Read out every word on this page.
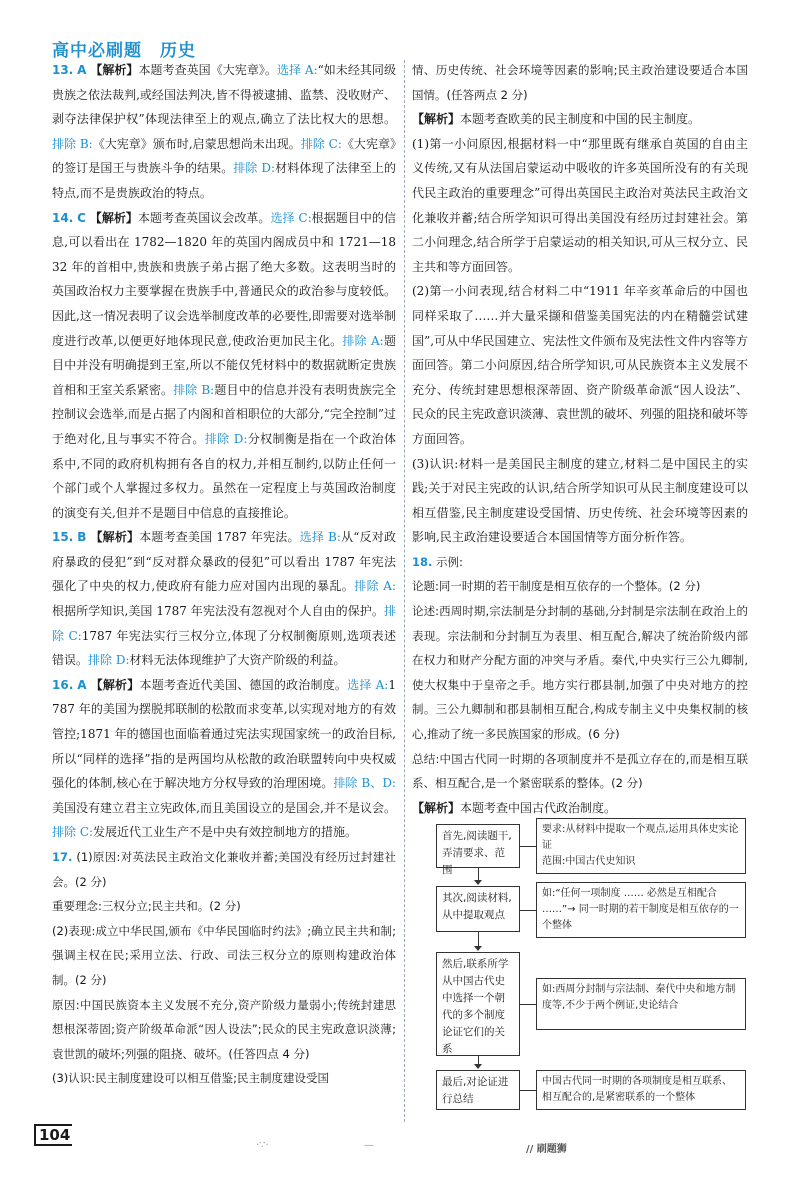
高中必刷题　历史

13. A 【解析】本题考查英国《大宪章》。选择 A:“如未经其同级贵族之依法裁判,或经国法判决,皆不得被逮捕、监禁、没收财产、剥夺法律保护权”体现法律至上的观点,确立了法比权大的思想。排除 B:《大宪章》颁布时,启蒙思想尚未出现。排除 C:《大宪章》的签订是国王与贵族斗争的结果。排除 D:材料体现了法律至上的特点,而不是贵族政治的特点。

14. C 【解析】本题考查英国议会改革。选择 C:根据题目中的信息,可以看出在 1782—1820 年的英国内阁成员中和 1721—1832 年的首相中,贵族和贵族子弟占据了绝大多数。这表明当时的英国政治权力主要掌握在贵族手中,普通民众的政治参与度较低。因此,这一情况表明了议会选举制度改革的必要性,即需要对选举制度进行改革,以便更好地体现民意,使政治更加民主化。排除 A:题目中并没有明确提到王室,所以不能仅凭材料中的数据就断定贵族首相和王室关系紧密。排除 B:题目中的信息并没有表明贵族完全控制议会选举,而是占据了内阁和首相职位的大部分,“完全控制”过于绝对化,且与事实不符合。排除 D:分权制衡是指在一个政治体系中,不同的政府机构拥有各自的权力,并相互制约,以防止任何一个部门或个人掌握过多权力。虽然在一定程度上与英国政治制度的演变有关,但并不是题目中信息的直接推论。

15. B 【解析】本题考查美国 1787 年宪法。选择 B:从“反对政府暴政的侵犯”到“反对群众暴政的侵犯”可以看出 1787 年宪法强化了中央的权力,使政府有能力应对国内出现的暴乱。排除 A:根据所学知识,美国 1787 年宪法没有忽视对个人自由的保护。排除 C:1787 年宪法实行三权分立,体现了分权制衡原则,选项表述错误。排除 D:材料无法体现维护了大资产阶级的利益。

16. A 【解析】本题考查近代美国、德国的政治制度。选择 A:1787 年的美国为摆脱邦联制的松散而求变革,以实现对地方的有效管控;1871 年的德国也面临着通过宪法实现国家统一的政治目标,所以“同样的选择”指的是两国均从松散的政治联盟转向中央权威强化的体制,核心在于解决地方分权导致的治理困境。排除 B、D:美国没有建立君主立宪政体,而且美国设立的是国会,并不是议会。排除 C:发展近代工业生产不是中央有效控制地方的措施。

17. (1)原因:对英法民主政治文化兼收并蓄;美国没有经历过封建社会。(2 分)
重要理念:三权分立;民主共和。(2 分)
(2)表现:成立中华民国,颁布《中华民国临时约法》;确立民主共和制;强调主权在民;采用立法、行政、司法三权分立的原则构建政治体制。(2 分)
原因:中国民族资本主义发展不充分,资产阶级力量弱小;传统封建思想根深蒂固;资产阶级革命派“因人设法”;民众的民主宪政意识淡薄;袁世凯的破坏;列强的阻挠、破坏。(任答四点 4 分)
(3)认识:民主制度建设可以相互借鉴;民主制度建设受国

情、历史传统、社会环境等因素的影响;民主政治建设要适合本国国情。(任答两点 2 分)

【解析】本题考查欧美的民主制度和中国的民主制度。
(1)第一小问原因,根据材料一中“那里既有继承自英国的自由主义传统,又有从法国启蒙运动中吸收的许多英国所没有的有关现代民主政治的重要理念”可得出英国民主政治对英法民主政治文化兼收并蓄;结合所学知识可得出美国没有经历过封建社会。第二小问理念,结合所学于启蒙运动的相关知识,可从三权分立、民主共和等方面回答。
(2)第一小问表现,结合材料二中“1911 年辛亥革命后的中国也同样采取了……并大量采撷和借鉴美国宪法的内在精髓尝试建国”,可从中华民国建立、宪法性文件颁布及宪法性文件内容等方面回答。第二小问原因,结合所学知识,可从民族资本主义发展不充分、传统封建思想根深蒂固、资产阶级革命派“因人设法”、民众的民主宪政意识淡薄、袁世凯的破坏、列强的阻挠和破坏等方面回答。
(3)认识:材料一是美国民主制度的建立,材料二是中国民主的实践;关于对民主宪政的认识,结合所学知识可从民主制度建设可以相互借鉴,民主制度建设受国情、历史传统、社会环境等因素的影响,民主政治建设要适合本国国情等方面分析作答。

18. 示例:
论题:同一时期的若干制度是相互依存的一个整体。(2 分)
论述:西周时期,宗法制是分封制的基础,分封制是宗法制在政治上的表现。宗法制和分封制互为表里、相互配合,解决了统治阶级内部在权力和财产分配方面的冲突与矛盾。秦代,中央实行三公九卿制,使大权集中于皇帝之手。地方实行郡县制,加强了中央对地方的控制。三公九卿制和郡县制相互配合,构成专制主义中央集权制的核心,推动了统一多民族国家的形成。(6 分)
总结:中国古代同一时期的各项制度并不是孤立存在的,而是相互联系、相互配合,是一个紧密联系的整体。(2 分)

【解析】本题考查中国古代政治制度。

首先,阅读题干,弄清要求、范围
要求:从材料中提取一个观点,运用具体史实论证
范围:中国古代史知识
其次,阅读材料,从中提取观点
如:“任何一项制度 …… 必然是互相配合 ……”→ 同一时期的若干制度是相互依存的一个整体
然后,联系所学从中国古代史中选择一个朝代的多个制度论证它们的关系
如:西周分封制与宗法制、秦代中央和地方制度等,不少于两个例证,史论结合
最后,对论证进行总结
中国古代同一时期的各项制度是相互联系、相互配合的,是紧密联系的一个整体
104
·∵·	—	// 刷题狮
